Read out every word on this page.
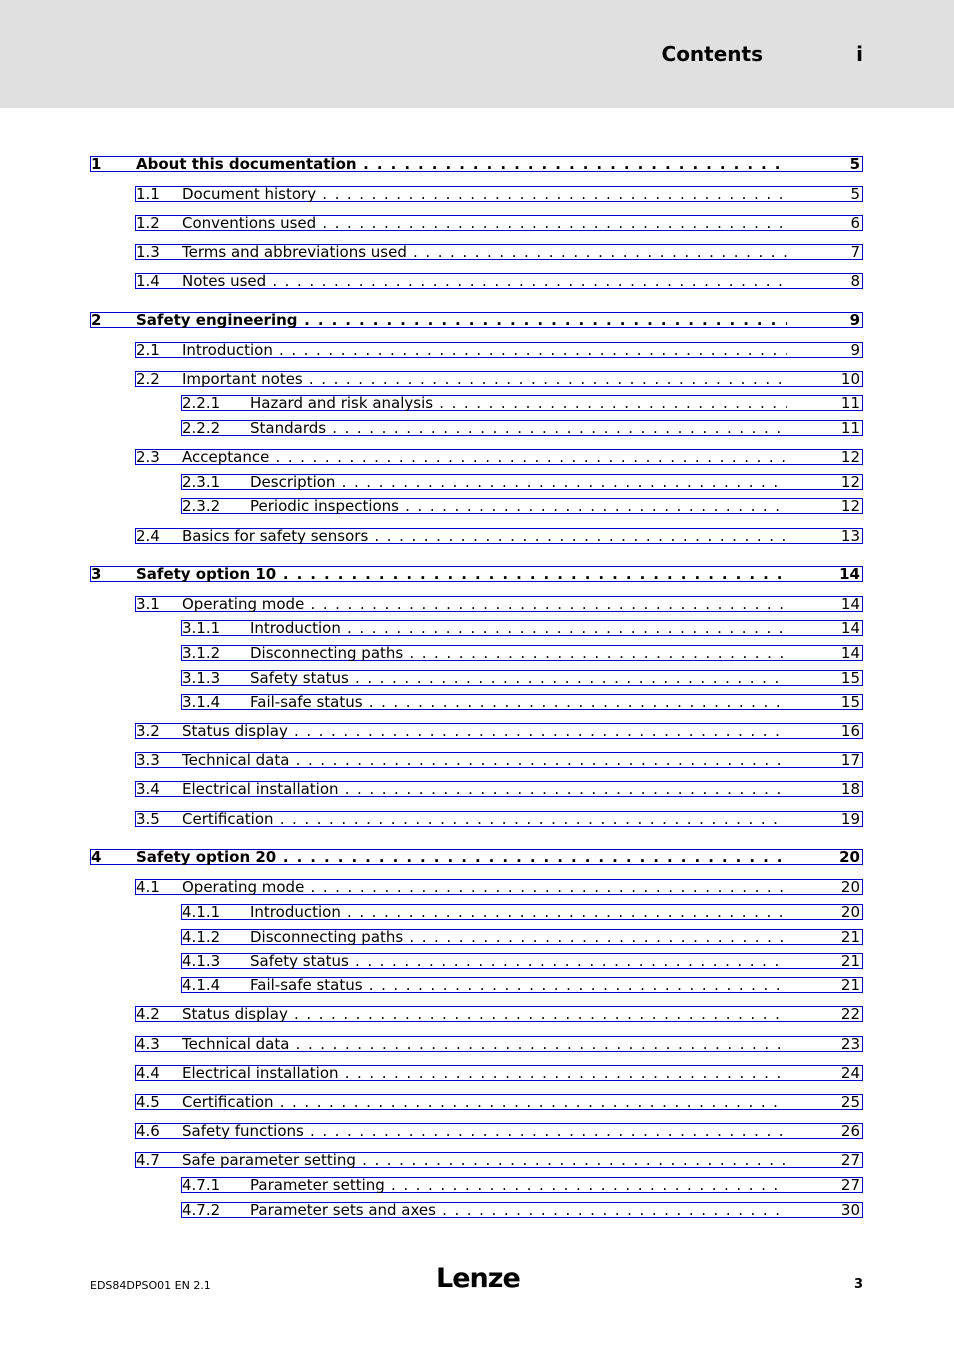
Contents	i
1 About this documentation . . .	5
1.1 Document history . . .	5
1.2 Conventions used . . .	6
1.3 Terms and abbreviations used . . .	7
1.4 Notes used . . .	8
2 Safety engineering . . .	9
2.1 Introduction . . .	9
2.2 Important notes . . .	10
2.2.1 Hazard and risk analysis . . .	11
2.2.2 Standards . . .	11
2.3 Acceptance . . .	12
2.3.1 Description . . .	12
2.3.2 Periodic inspections . . .	12
2.4 Basics for safety sensors . . .	13
3 Safety option 10 . . .	14
3.1 Operating mode . . .	14
3.1.1 Introduction . . .	14
3.1.2 Disconnecting paths . . .	14
3.1.3 Safety status . . .	15
3.1.4 Fail-safe status . . .	15
3.2 Status display . . .	16
3.3 Technical data . . .	17
3.4 Electrical installation . . .	18
3.5 Certification . . .	19
4 Safety option 20 . . .	20
4.1 Operating mode . . .	20
4.1.1 Introduction . . .	20
4.1.2 Disconnecting paths . . .	21
4.1.3 Safety status . . .	21
4.1.4 Fail-safe status . . .	21
4.2 Status display . . .	22
4.3 Technical data . . .	23
4.4 Electrical installation . . .	24
4.5 Certification . . .	25
4.6 Safety functions . . .	26
4.7 Safe parameter setting . . .	27
4.7.1 Parameter setting . . .	27
4.7.2 Parameter sets and axes . . .	30
EDS84DPSO01 EN 2.1	Lenze	3
